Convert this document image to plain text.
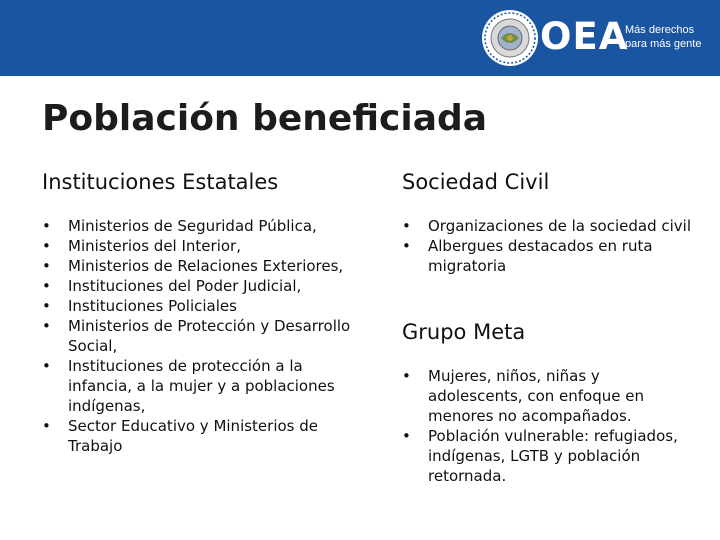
OEA
Más derechos
para más gente
Población beneficiada
Instituciones Estatales
• Ministerios de Seguridad Pública,
• Ministerios del Interior,
• Ministerios de Relaciones Exteriores,
• Instituciones del Poder Judicial,
• Instituciones Policiales
• Ministerios de Protección y Desarrollo Social,
• Instituciones de protección a la infancia, a la mujer y a poblaciones indígenas,
• Sector Educativo y Ministerios de Trabajo
Sociedad Civil
• Organizaciones de la sociedad civil
• Albergues destacados en ruta migratoria
Grupo Meta
• Mujeres, niños, niñas y adolescents, con enfoque en menores no acompañados.
• Población vulnerable: refugiados, indígenas, LGTB y población retornada.
